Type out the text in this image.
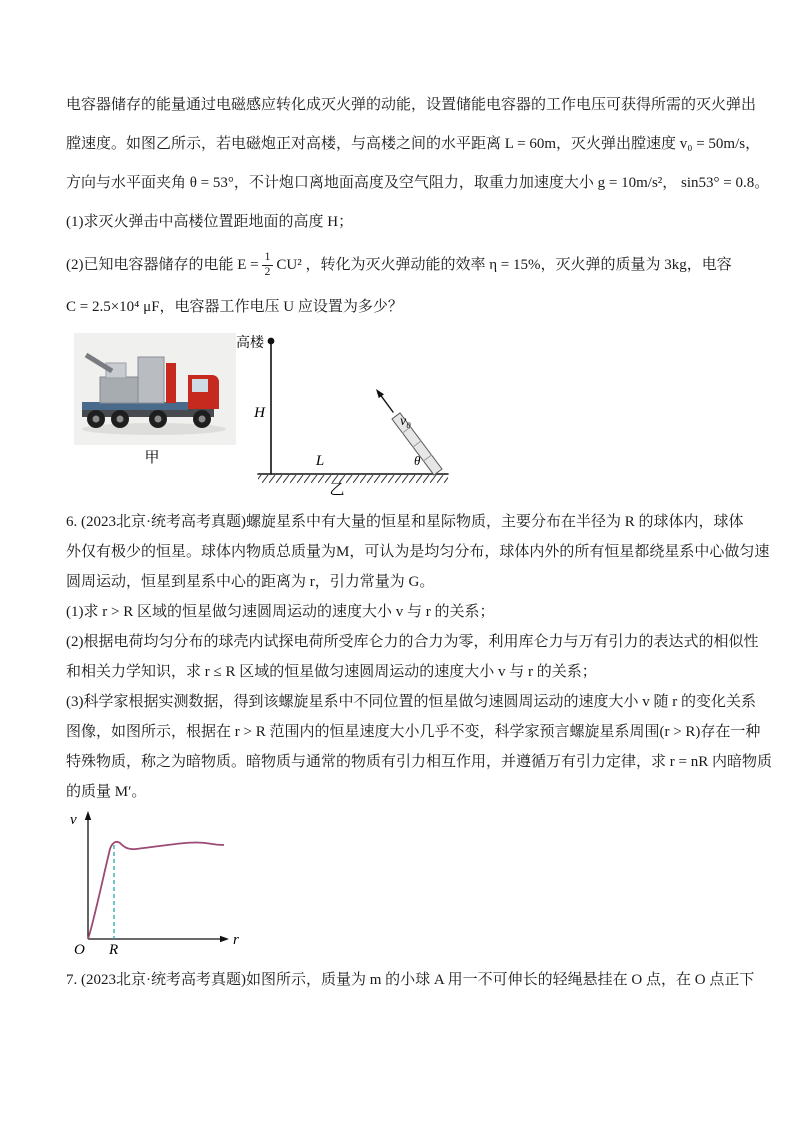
电容器储存的能量通过电磁感应转化成灭火弹的动能，设置储能电容器的工作电压可获得所需的灭火弹出
膛速度。如图乙所示，若电磁炮正对高楼，与高楼之间的水平距离 L = 60m，灭火弹出膛速度 v₀ = 50m/s，
方向与水平面夹角 θ = 53°，不计炮口离地面高度及空气阻力，取重力加速度大小 g = 10m/s²， sin53° = 0.8。
(1)求灭火弹击中高楼位置距地面的高度 H；
(2)已知电容器储存的电能 $E = \frac{1}{2} CU^2$ ，转化为灭火弹动能的效率 η = 15%，灭火弹的质量为 3kg，电容
C = 2.5×10⁴ μF，电容器工作电压 U 应设置为多少？
甲
高楼
H
L
乙
v₀
θ
6. (2023北京·统考高考真题)螺旋星系中有大量的恒星和星际物质，主要分布在半径为 R 的球体内，球体
外仅有极少的恒星。球体内物质总质量为M，可认为是均匀分布，球体内外的所有恒星都绕星系中心做匀速
圆周运动，恒星到星系中心的距离为 r，引力常量为 G。
(1)求 r > R 区域的恒星做匀速圆周运动的速度大小 v 与 r 的关系；
(2)根据电荷均匀分布的球壳内试探电荷所受库仑力的合力为零，利用库仑力与万有引力的表达式的相似性
和相关力学知识，求 r ≤ R 区域的恒星做匀速圆周运动的速度大小 v 与 r 的关系；
(3)科学家根据实测数据，得到该螺旋星系中不同位置的恒星做匀速圆周运动的速度大小 v 随 r 的变化关系
图像，如图所示，根据在 r > R 范围内的恒星速度大小几乎不变，科学家预言螺旋星系周围(r > R)存在一种
特殊物质，称之为暗物质。暗物质与通常的物质有引力相互作用，并遵循万有引力定律，求 r = nR 内暗物质
的质量 M′。
v
r
O R
7. (2023北京·统考高考真题)如图所示，质量为 m 的小球 A 用一不可伸长的轻绳悬挂在 O 点，在 O 点正下
